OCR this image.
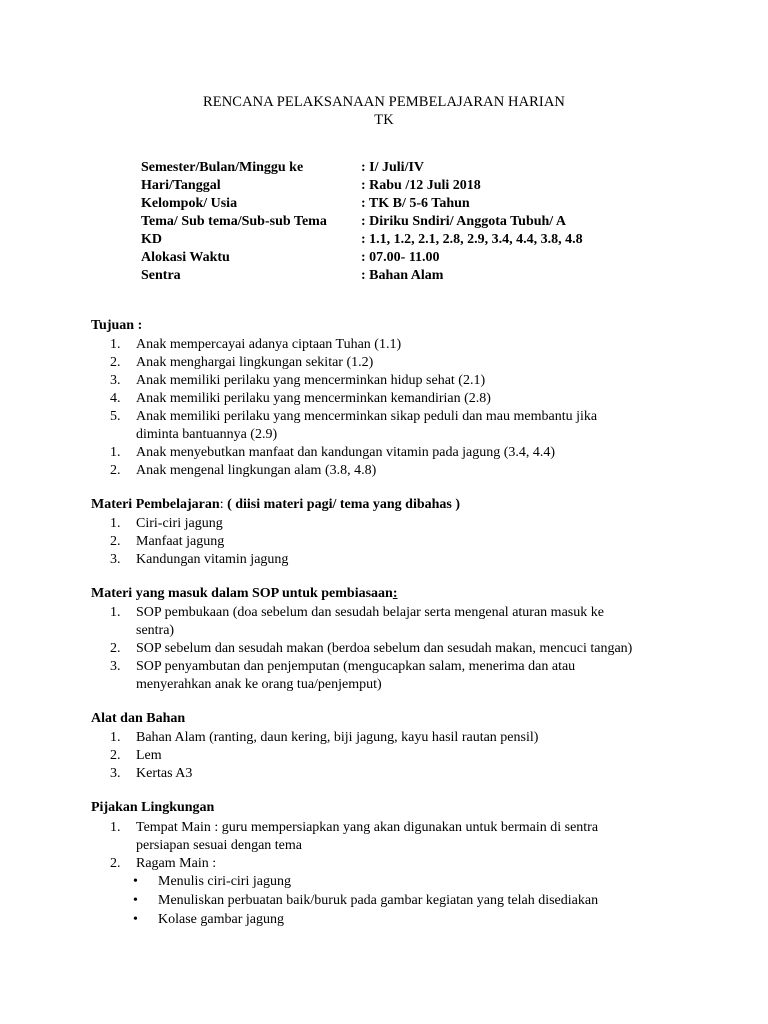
RENCANA PELAKSANAAN PEMBELAJARAN HARIAN
TK
Semester/Bulan/Minggu ke	: I/ Juli/IV
Hari/Tanggal	: Rabu /12 Juli 2018
Kelompok/ Usia	: TK B/ 5-6 Tahun
Tema/ Sub tema/Sub-sub Tema : Diriku Sndiri/ Anggota Tubuh/ A
KD	: 1.1, 1.2, 2.1, 2.8, 2.9, 3.4, 4.4, 3.8, 4.8
Alokasi Waktu	: 07.00- 11.00
Sentra	: Bahan Alam
Tujuan :
1.	Anak mempercayai adanya ciptaan Tuhan (1.1)
2.	Anak menghargai lingkungan sekitar (1.2)
3.	Anak memiliki perilaku yang mencerminkan hidup sehat (2.1)
4.	Anak memiliki perilaku yang mencerminkan kemandirian (2.8)
5.	Anak memiliki perilaku yang mencerminkan sikap peduli dan mau membantu jika
diminta bantuannya (2.9)
1.	Anak menyebutkan manfaat dan kandungan vitamin pada jagung (3.4, 4.4)
2.	Anak mengenal lingkungan alam (3.8, 4.8)
Materi Pembelajaran: ( diisi materi pagi/ tema yang dibahas )
1.	Ciri-ciri jagung
2.	Manfaat jagung
3.	Kandungan vitamin jagung
Materi yang masuk dalam SOP untuk pembiasaan:
1.	SOP pembukaan (doa sebelum dan sesudah belajar serta mengenal aturan masuk ke
sentra)
2.	SOP sebelum dan sesudah makan (berdoa sebelum dan sesudah makan, mencuci tangan)
3.	SOP penyambutan dan penjemputan (mengucapkan salam, menerima dan atau
menyerahkan anak ke orang tua/penjemput)
Alat dan Bahan
1.	Bahan Alam (ranting, daun kering, biji jagung, kayu hasil rautan pensil)
2.	Lem
3.	Kertas A3
Pijakan Lingkungan
1.	Tempat Main : guru mempersiapkan yang akan digunakan untuk bermain di sentra
persiapan sesuai dengan tema
2.	Ragam Main :
• Menulis ciri-ciri jagung
• Menuliskan perbuatan baik/buruk pada gambar kegiatan yang telah disediakan
• Kolase gambar jagung
